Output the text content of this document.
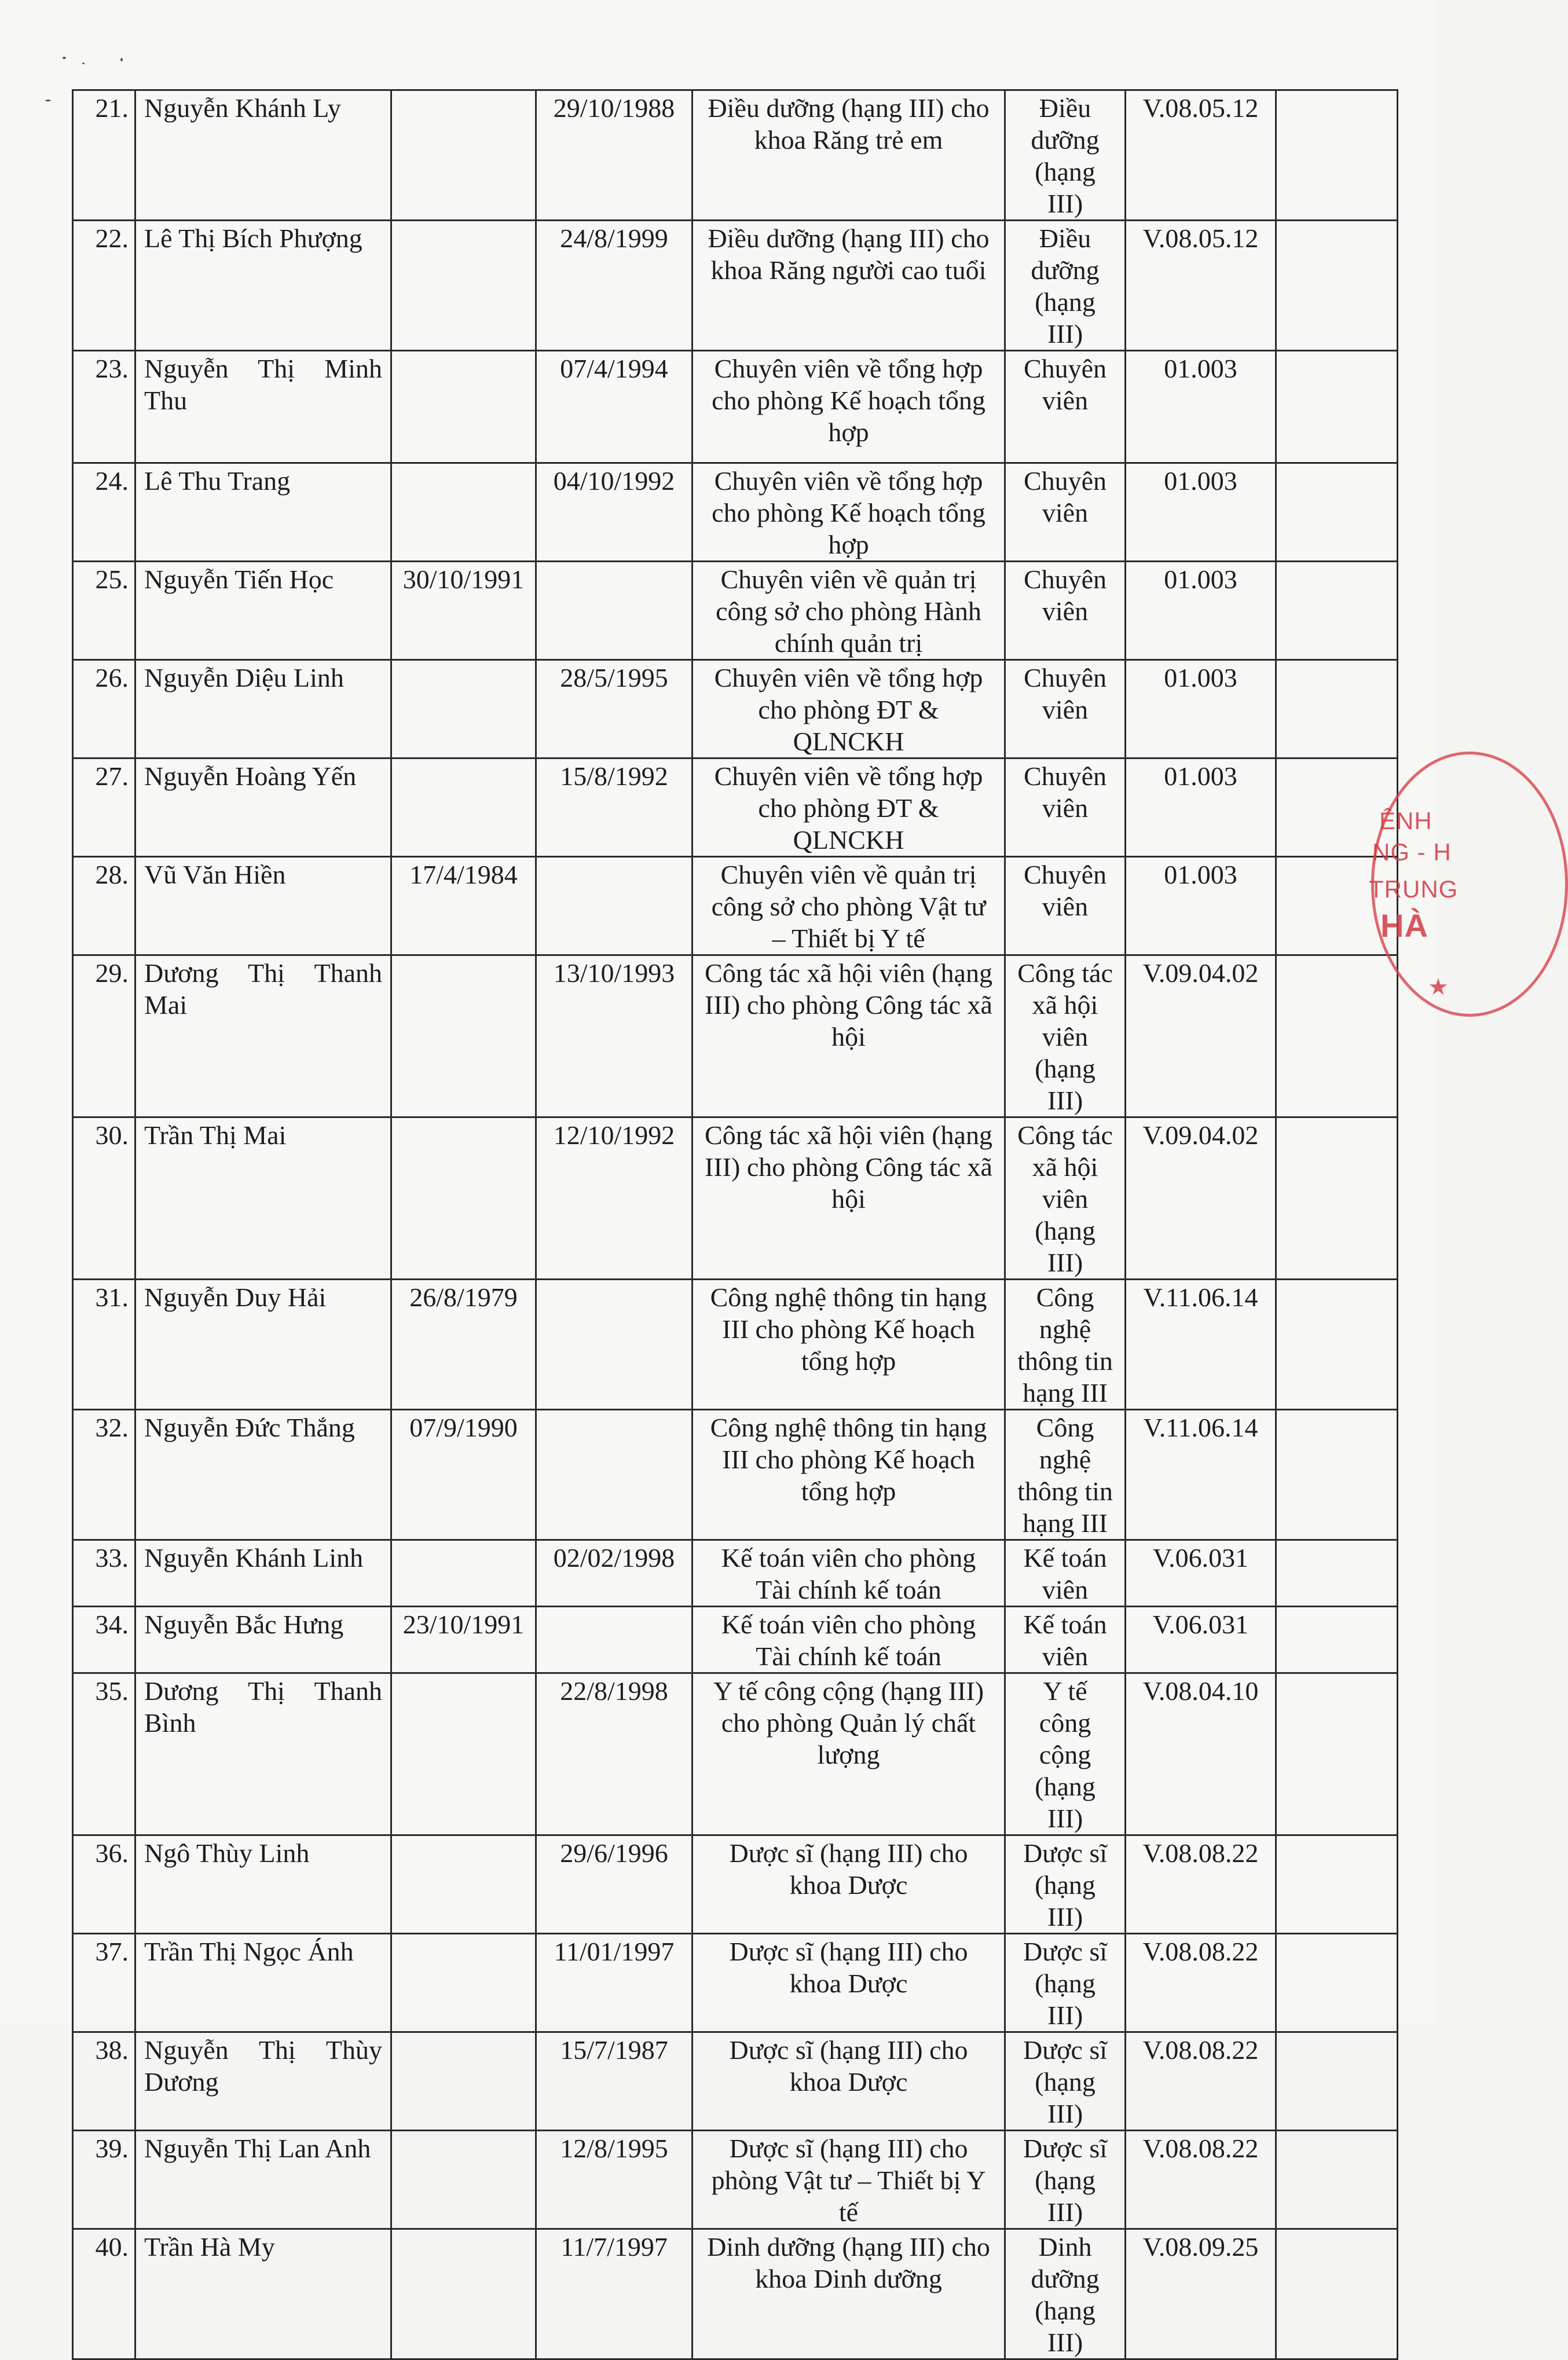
21.	Nguyễn Khánh Ly		29/10/1988	Điều dưỡng (hạng III) cho khoa Răng trẻ em	Điều dưỡng (hạng III)	V.08.05.12	
22.	Lê Thị Bích Phượng		24/8/1999	Điều dưỡng (hạng III) cho khoa Răng người cao tuổi	Điều dưỡng (hạng III)	V.08.05.12	
23.	Nguyễn Thị Minh Thu		07/4/1994	Chuyên viên về tổng hợp cho phòng Kế hoạch tổng hợp	Chuyên viên	01.003	
24.	Lê Thu Trang		04/10/1992	Chuyên viên về tổng hợp cho phòng Kế hoạch tổng hợp	Chuyên viên	01.003	
25.	Nguyễn Tiến Học	30/10/1991		Chuyên viên về quản trị công sở cho phòng Hành chính quản trị	Chuyên viên	01.003	
26.	Nguyễn Diệu Linh		28/5/1995	Chuyên viên về tổng hợp cho phòng ĐT & QLNCKH	Chuyên viên	01.003	
27.	Nguyễn Hoàng Yến		15/8/1992	Chuyên viên về tổng hợp cho phòng ĐT & QLNCKH	Chuyên viên	01.003	
28.	Vũ Văn Hiền	17/4/1984		Chuyên viên về quản trị công sở cho phòng Vật tư – Thiết bị Y tế	Chuyên viên	01.003	
29.	Dương Thị Thanh Mai		13/10/1993	Công tác xã hội viên (hạng III) cho phòng Công tác xã hội	Công tác xã hội viên (hạng III)	V.09.04.02	
30.	Trần Thị Mai		12/10/1992	Công tác xã hội viên (hạng III) cho phòng Công tác xã hội	Công tác xã hội viên (hạng III)	V.09.04.02	
31.	Nguyễn Duy Hải	26/8/1979		Công nghệ thông tin hạng III cho phòng Kế hoạch tổng hợp	Công nghệ thông tin hạng III	V.11.06.14	
32.	Nguyễn Đức Thắng	07/9/1990		Công nghệ thông tin hạng III cho phòng Kế hoạch tổng hợp	Công nghệ thông tin hạng III	V.11.06.14	
33.	Nguyễn Khánh Linh		02/02/1998	Kế toán viên cho phòng Tài chính kế toán	Kế toán viên	V.06.031	
34.	Nguyễn Bắc Hưng	23/10/1991		Kế toán viên cho phòng Tài chính kế toán	Kế toán viên	V.06.031	
35.	Dương Thị Thanh Bình		22/8/1998	Y tế công cộng (hạng III) cho phòng Quản lý chất lượng	Y tế công cộng (hạng III)	V.08.04.10	
36.	Ngô Thùy Linh		29/6/1996	Dược sĩ (hạng III) cho khoa Dược	Dược sĩ (hạng III)	V.08.08.22	
37.	Trần Thị Ngọc Ánh		11/01/1997	Dược sĩ (hạng III) cho khoa Dược	Dược sĩ (hạng III)	V.08.08.22	
38.	Nguyễn Thị Thùy Dương		15/7/1987	Dược sĩ (hạng III) cho khoa Dược	Dược sĩ (hạng III)	V.08.08.22	
39.	Nguyễn Thị Lan Anh		12/8/1995	Dược sĩ (hạng III) cho phòng Vật tư – Thiết bị Y tế	Dược sĩ (hạng III)	V.08.08.22	
40.	Trần Hà My		11/7/1997	Dinh dưỡng (hạng III) cho khoa Dinh dưỡng	Dinh dưỡng (hạng III)	V.08.09.25	
ÊNH
NG - H
TRUNG
HÀ
★
